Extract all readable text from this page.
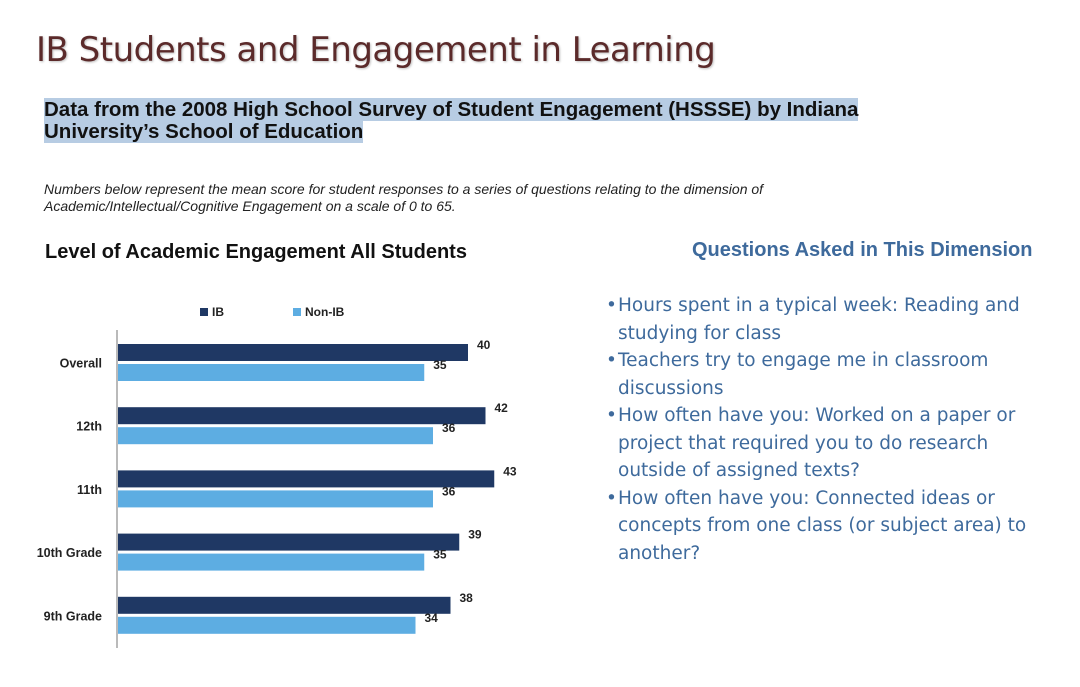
IB Students and Engagement in Learning
Data from the 2008 High School Survey of Student Engagement (HSSSE) by Indiana University’s School of Education
Numbers below represent the mean score for student responses to a series of questions relating to the dimension of Academic/Intellectual/Cognitive Engagement on a scale of 0 to 65.
Level of Academic Engagement All Students
IB	Non-IB
40
35
Overall
42
36
12th
43
36
11th
39
35
10th Grade
38
34
9th Grade
Questions Asked in This Dimension
• Hours spent in a typical week: Reading and studying for class
• Teachers try to engage me in classroom discussions
• How often have you: Worked on a paper or project that required you to do research outside of assigned texts?
• How often have you: Connected ideas or concepts from one class (or subject area) to another?
